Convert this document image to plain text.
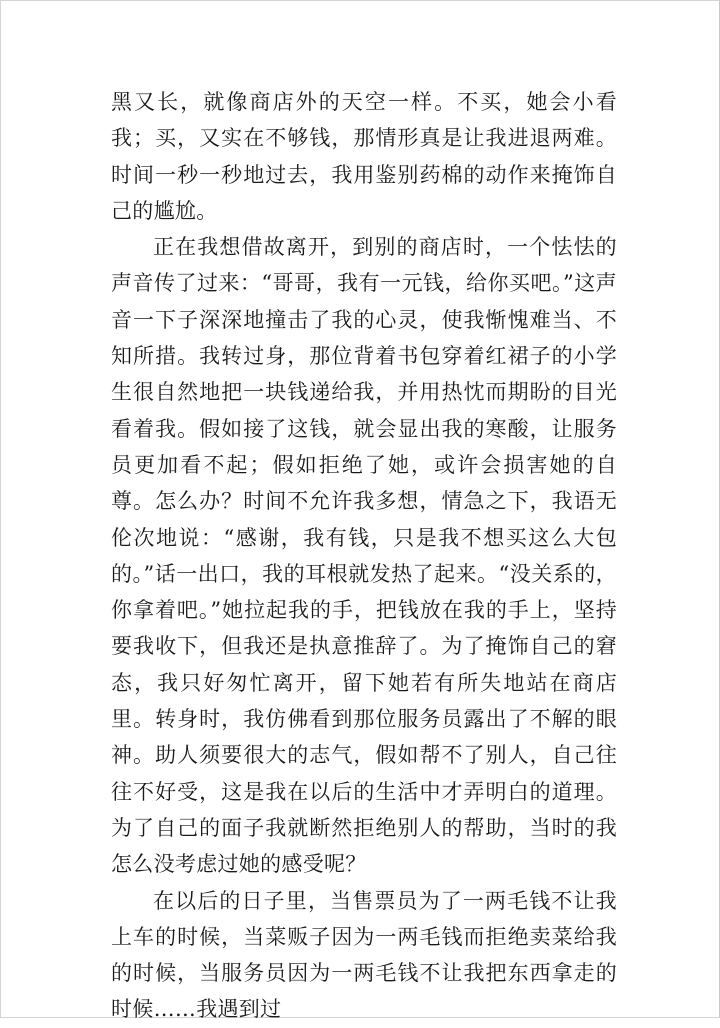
黑又长，就像商店外的天空一样。不买，她会小看我；买，又实在不够钱，那情形真是让我进退两难。时间一秒一秒地过去，我用鉴别药棉的动作来掩饰自己的尴尬。

正在我想借故离开，到别的商店时，一个怯怯的声音传了过来：“哥哥，我有一元钱，给你买吧。”这声音一下子深深地撞击了我的心灵，使我惭愧难当、不知所措。我转过身，那位背着书包穿着红裙子的小学生很自然地把一块钱递给我，并用热忱而期盼的目光看着我。假如接了这钱，就会显出我的寒酸，让服务员更加看不起；假如拒绝了她，或许会损害她的自尊。怎么办？时间不允许我多想，情急之下，我语无伦次地说：“感谢，我有钱，只是我不想买这么大包的。”话一出口，我的耳根就发热了起来。“没关系的，你拿着吧。”她拉起我的手，把钱放在我的手上，坚持要我收下，但我还是执意推辞了。为了掩饰自己的窘态，我只好匆忙离开，留下她若有所失地站在商店里。转身时，我仿佛看到那位服务员露出了不解的眼神。助人须要很大的志气，假如帮不了别人，自己往往不好受，这是我在以后的生活中才弄明白的道理。为了自己的面子我就断然拒绝别人的帮助，当时的我怎么没考虑过她的感受呢？

在以后的日子里，当售票员为了一两毛钱不让我上车的时候，当菜贩子因为一两毛钱而拒绝卖菜给我的时候，当服务员因为一两毛钱不让我把东西拿走的时候……我遇到过
